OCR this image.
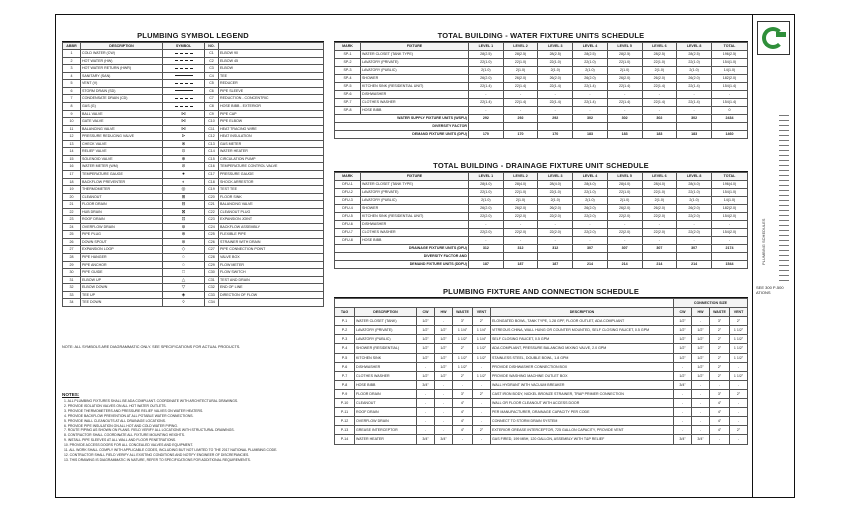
PLUMBING SYMBOL LEGEND
ABBR	DESCRIPTION	SYMBOL	NO.	
1	COLD WATER (CW)		C1	ELBOW 90
2	HOT WATER (HW)		C2	ELBOW 45
3	HOT WATER RETURN (HWR)		C3	ELBOW
4	SANITARY (SAN)		C4	TEE
5	VENT (V)		C5	REDUCER
6	STORM DRAIN (SD)		C6	PIPE SLEEVE
7	CONDENSATE DRAIN (CD)		C7	REDUCTION - CONCENTRIC
8	GAS (G)		C8	HOSE BIBB - EXTERIOR
9	BALL VALVE	⋈	C9	PIPE CAP
10	GATE VALVE	⋈	C10	PIPE ELBOW
11	BALANCING VALVE	⋈	C11	HEAT TRACING WIRE
12	PRESSURE REDUCING VALVE	⊳	C12	HEAT INSULATION
13	CHECK VALVE	⊗	C13	GAS METER
14	RELIEF VALVE	⊙	C14	WATER HEATER
15	SOLENOID VALVE	⊕	C15	CIRCULATION PUMP
16	WATER METER (WM)	⊘	C16	TEMPERATURE CONTROL VALVE
17	TEMPERATURE GAUGE	●	C17	PRESSURE GAUGE
18	BACKFLOW PREVENTER	◐	C18	SHOCK ARRESTOR
19	THERMOMETER	◎	C19	TEST TEE
20	CLEANOUT	⊞	C20	FLOOR SINK
21	FLOOR DRAIN	⊟	C21	BALANCING VALVE
22	HUB DRAIN	⊠	C22	CLEANOUT PLUG
23	ROOF DRAIN	⊡	C23	EXPANSION JOINT
24	OVERFLOW DRAIN	⊚	C24	BACKFLOW ASSEMBLY
25	PIPE PLUG	⊛	C25	FLEXIBLE PIPE
26	DOWN SPOUT	⊜	C26	STRAINER WITH DRAIN
27	EXPANSION LOOP	◇	C27	PIPE CONNECTION POINT
28	PIPE HANGER	○	C28	VALVE BOX
29	PIPE ANCHOR	○	C29	FLOW METER
30	PIPE GUIDE	□	C30	FLOW SWITCH
31	ELBOW UP	△	C31	TEST AND DRAIN
32	ELBOW DOWN	▽	C32	END OF LINE
33	TEE UP	◈	C33	DIRECTION OF FLOW
34	TEE DOWN	◊	C34	
NOTE: ALL SYMBOLS ARE DIAGRAMMATIC ONLY. SEE SPECIFICATIONS FOR ACTUAL PRODUCTS.
NOTES:
1. ALL PLUMBING FIXTURES SHALL BE ADA COMPLIANT. COORDINATE WITH ARCHITECTURAL DRAWINGS.
2. PROVIDE ISOLATION VALVES ON ALL HOT WATER OUTLETS.
3. PROVIDE THERMOMETERS AND PRESSURE RELIEF VALVES ON WATER HEATERS.
4. PROVIDE BACKFLOW PREVENTION AT ALL POTABLE WATER CONNECTIONS.
5. PROVIDE WALL CLEANOUTS AT ALL DRAINAGE LOCATIONS.
6. PROVIDE PIPE INSULATION ON ALL HOT AND COLD WATER PIPING.
7. ROUTE PIPING AS SHOWN ON PLANS. FIELD VERIFY ALL LOCATIONS WITH STRUCTURAL DRAWINGS.
8. CONTRACTOR SHALL COORDINATE ALL FIXTURE MOUNTING HEIGHTS.
9. INSTALL PIPE SLEEVES AT ALL WALL AND FLOOR PENETRATIONS.
10. PROVIDE ACCESS DOORS FOR ALL CONCEALED VALVES AND EQUIPMENT.
11. ALL WORK SHALL COMPLY WITH APPLICABLE CODES, INCLUDING BUT NOT LIMITED TO THE 2017 NATIONAL PLUMBING CODE.
12. CONTRACTOR SHALL FIELD VERIFY ALL EXISTING CONDITIONS AND NOTIFY ENGINEER OF DISCREPANCIES.
13. THIS DRAWING IS DIAGRAMMATIC IN NATURE, REFER TO SPECIFICATIONS FOR ADDITIONAL REQUIREMENTS.
TOTAL BUILDING - WATER FIXTURE UNITS SCHEDULE
MARK	FIXTURE	LEVEL 1	LEVEL 2	LEVEL 3	LEVEL 4	LEVEL 5	LEVEL 6	LEVEL 8	TOTAL
SP-1	WATER CLOSET (TANK TYPE)	28(2.5)	28(2.5)	28(2.5)	28(2.5)	28(2.5)	28(2.5)	28(2.5)	196(2.5)
SP-2	LAVATORY (PRIVATE)	22(1.0)	22(1.0)	22(1.0)	22(1.0)	22(1.0)	22(1.0)	22(1.0)	154(1.0)
SP-3	LAVATORY (PUBLIC)	2(1.0)	2(1.0)	2(1.0)	2(1.0)	2(1.0)	2(1.0)	2(1.0)	14(1.0)
SP-4	SHOWER	26(2.0)	26(2.0)	26(2.0)	26(2.0)	26(2.0)	26(2.0)	26(2.0)	182(2.0)
SP-5	KITCHEN SINK (RESIDENTIAL UNIT)	22(1.4)	22(1.4)	22(1.4)	22(1.4)	22(1.4)	22(1.4)	22(1.4)	154(1.4)
SP-6	DISHWASHER	-	-	-	-	-	-	-	-
SP-7	CLOTHES WASHER	22(1.4)	22(1.4)	22(1.4)	22(1.4)	22(1.4)	22(1.4)	22(1.4)	154(1.4)
SP-8	HOSE BIBB	-	-	-	-	-	-	-	0
WATER SUPPLY FIXTURE UNITS (WSFU)		292	292	292	302	302	302	302	2434
DIVERSITY FACTOR									
DEMAND FIXTURE UNITS (DFU)		170	170	170	183	183	183	183	1460
TOTAL BUILDING - DRAINAGE FIXTURE UNIT SCHEDULE
MARK	FIXTURE	LEVEL 1	LEVEL 2	LEVEL 3	LEVEL 4	LEVEL 5	LEVEL 6	LEVEL 8	TOTAL
DFU-1	WATER CLOSET (TANK TYPE)	28(4.0)	28(4.0)	28(4.0)	28(4.0)	28(4.0)	28(4.0)	28(4.0)	196(4.0)
DFU-2	LAVATORY (PRIVATE)	22(1.0)	22(1.0)	22(1.0)	22(1.0)	22(1.0)	22(1.0)	22(1.0)	154(1.0)
DFU-3	LAVATORY (PUBLIC)	2(1.0)	2(1.0)	2(1.0)	2(1.0)	2(1.0)	2(1.0)	2(1.0)	14(1.0)
DFU-4	SHOWER	26(2.0)	26(2.0)	26(2.0)	26(2.0)	26(2.0)	26(2.0)	26(2.0)	182(2.0)
DFU-5	KITCHEN SINK (RESIDENTIAL UNIT)	22(2.0)	22(2.0)	22(2.0)	22(2.0)	22(2.0)	22(2.0)	22(2.0)	154(2.0)
DFU-6	DISHWASHER	-	-	-	-	-	-	-	-
DFU-7	CLOTHES WASHER	22(2.0)	22(2.0)	22(2.0)	22(2.0)	22(2.0)	22(2.0)	22(2.0)	154(2.0)
DFU-8	HOSE BIBB	-	-	-	-	-	-	-	-
DRAINAGE FIXTURE UNITS (DFU)		312	312	312	307	307	307	307	2174
DIVERSITY FACTOR AND									
DEMAND FIXTURE UNITS (DDFU)		187	187	187	214	214	214	214	1544
PLUMBING FIXTURE AND CONNECTION SCHEDULE
							CONNECTION SIZE			
TAG	DESCRIPTION	CW	HW	WASTE	VENT	DESCRIPTION	CW	HW	WASTE	VENT
P-1	WATER CLOSET (TANK)	1/2"	-	3"	2"	ELONGATED BOWL, TANK TYPE, 1.28 GPF, FLOOR OUTLET, ADA COMPLIANT	1/2"	-	3"	2"
P-2	LAVATORY (PRIVATE)	1/2"	1/2"	1 1/4"	1 1/4"	VITREOUS CHINA, WALL HUNG OR COUNTER MOUNTED, SELF CLOSING FAUCET, 0.5 GPM	1/2"	1/2"	2"	1 1/2"
P-3	LAVATORY (PUBLIC)	1/2"	1/2"	1 1/2"	1 1/4"	SELF CLOSING FAUCET, 0.5 GPM	1/2"	1/2"	2"	1 1/2"
P-4	SHOWER (RESIDENTIAL)	1/2"	1/2"	2"	1 1/2"	ADA COMPLIANT, PRESSURE BALANCING MIXING VALVE, 2.0 GPM	1/2"	1/2"	2"	1 1/2"
P-5	KITCHEN SINK	1/2"	1/2"	1 1/2"	1 1/2"	STAINLESS STEEL, DOUBLE BOWL, 1.8 GPM	1/2"	1/2"	2"	1 1/2"
P-6	DISHWASHER	-	1/2"	1 1/2"	-	PROVIDE DISHWASHER CONNECTION BOX	-	1/2"	2"	-
P-7	CLOTHES WASHER	1/2"	1/2"	2"	1 1/2"	PROVIDE WASHING MACHINE OUTLET BOX	1/2"	1/2"	2"	1 1/2"
P-8	HOSE BIBB	3/4"	-	-	-	WALL HYDRANT WITH VACUUM BREAKER	3/4"	-	-	-
P-9	FLOOR DRAIN	-	-	3"	2"	CAST IRON BODY, NICKEL BRONZE STRAINER, TRAP PRIMER CONNECTION	-	-	3"	2"
P-10	CLEANOUT	-	-	4"	-	WALL OR FLOOR CLEANOUT WITH ACCESS DOOR	-	-	4"	-
P-11	ROOF DRAIN	-	-	4"	-	PER MANUFACTURER, DRAINAGE CAPACITY PER CODE	-	-	4"	-
P-12	OVERFLOW DRAIN	-	-	4"	-	CONNECT TO STORM DRAIN SYSTEM	-	-	4"	-
P-13	GREASE INTERCEPTOR	-	-	4"	2"	EXTERIOR GREASE INTERCEPTOR, 725 GALLON CAPACITY, PROVIDE VENT	-	-	4"	2"
P-14	WATER HEATER	3/4"	3/4"	-	-	GAS FIRED, 199 MBH, 120 GALLON, ASSEMBLY WITH T&P RELIEF	3/4"	3/4"	-	-
PLUMBING SCHEDULES
SEE 300 P-500 ATIONS
